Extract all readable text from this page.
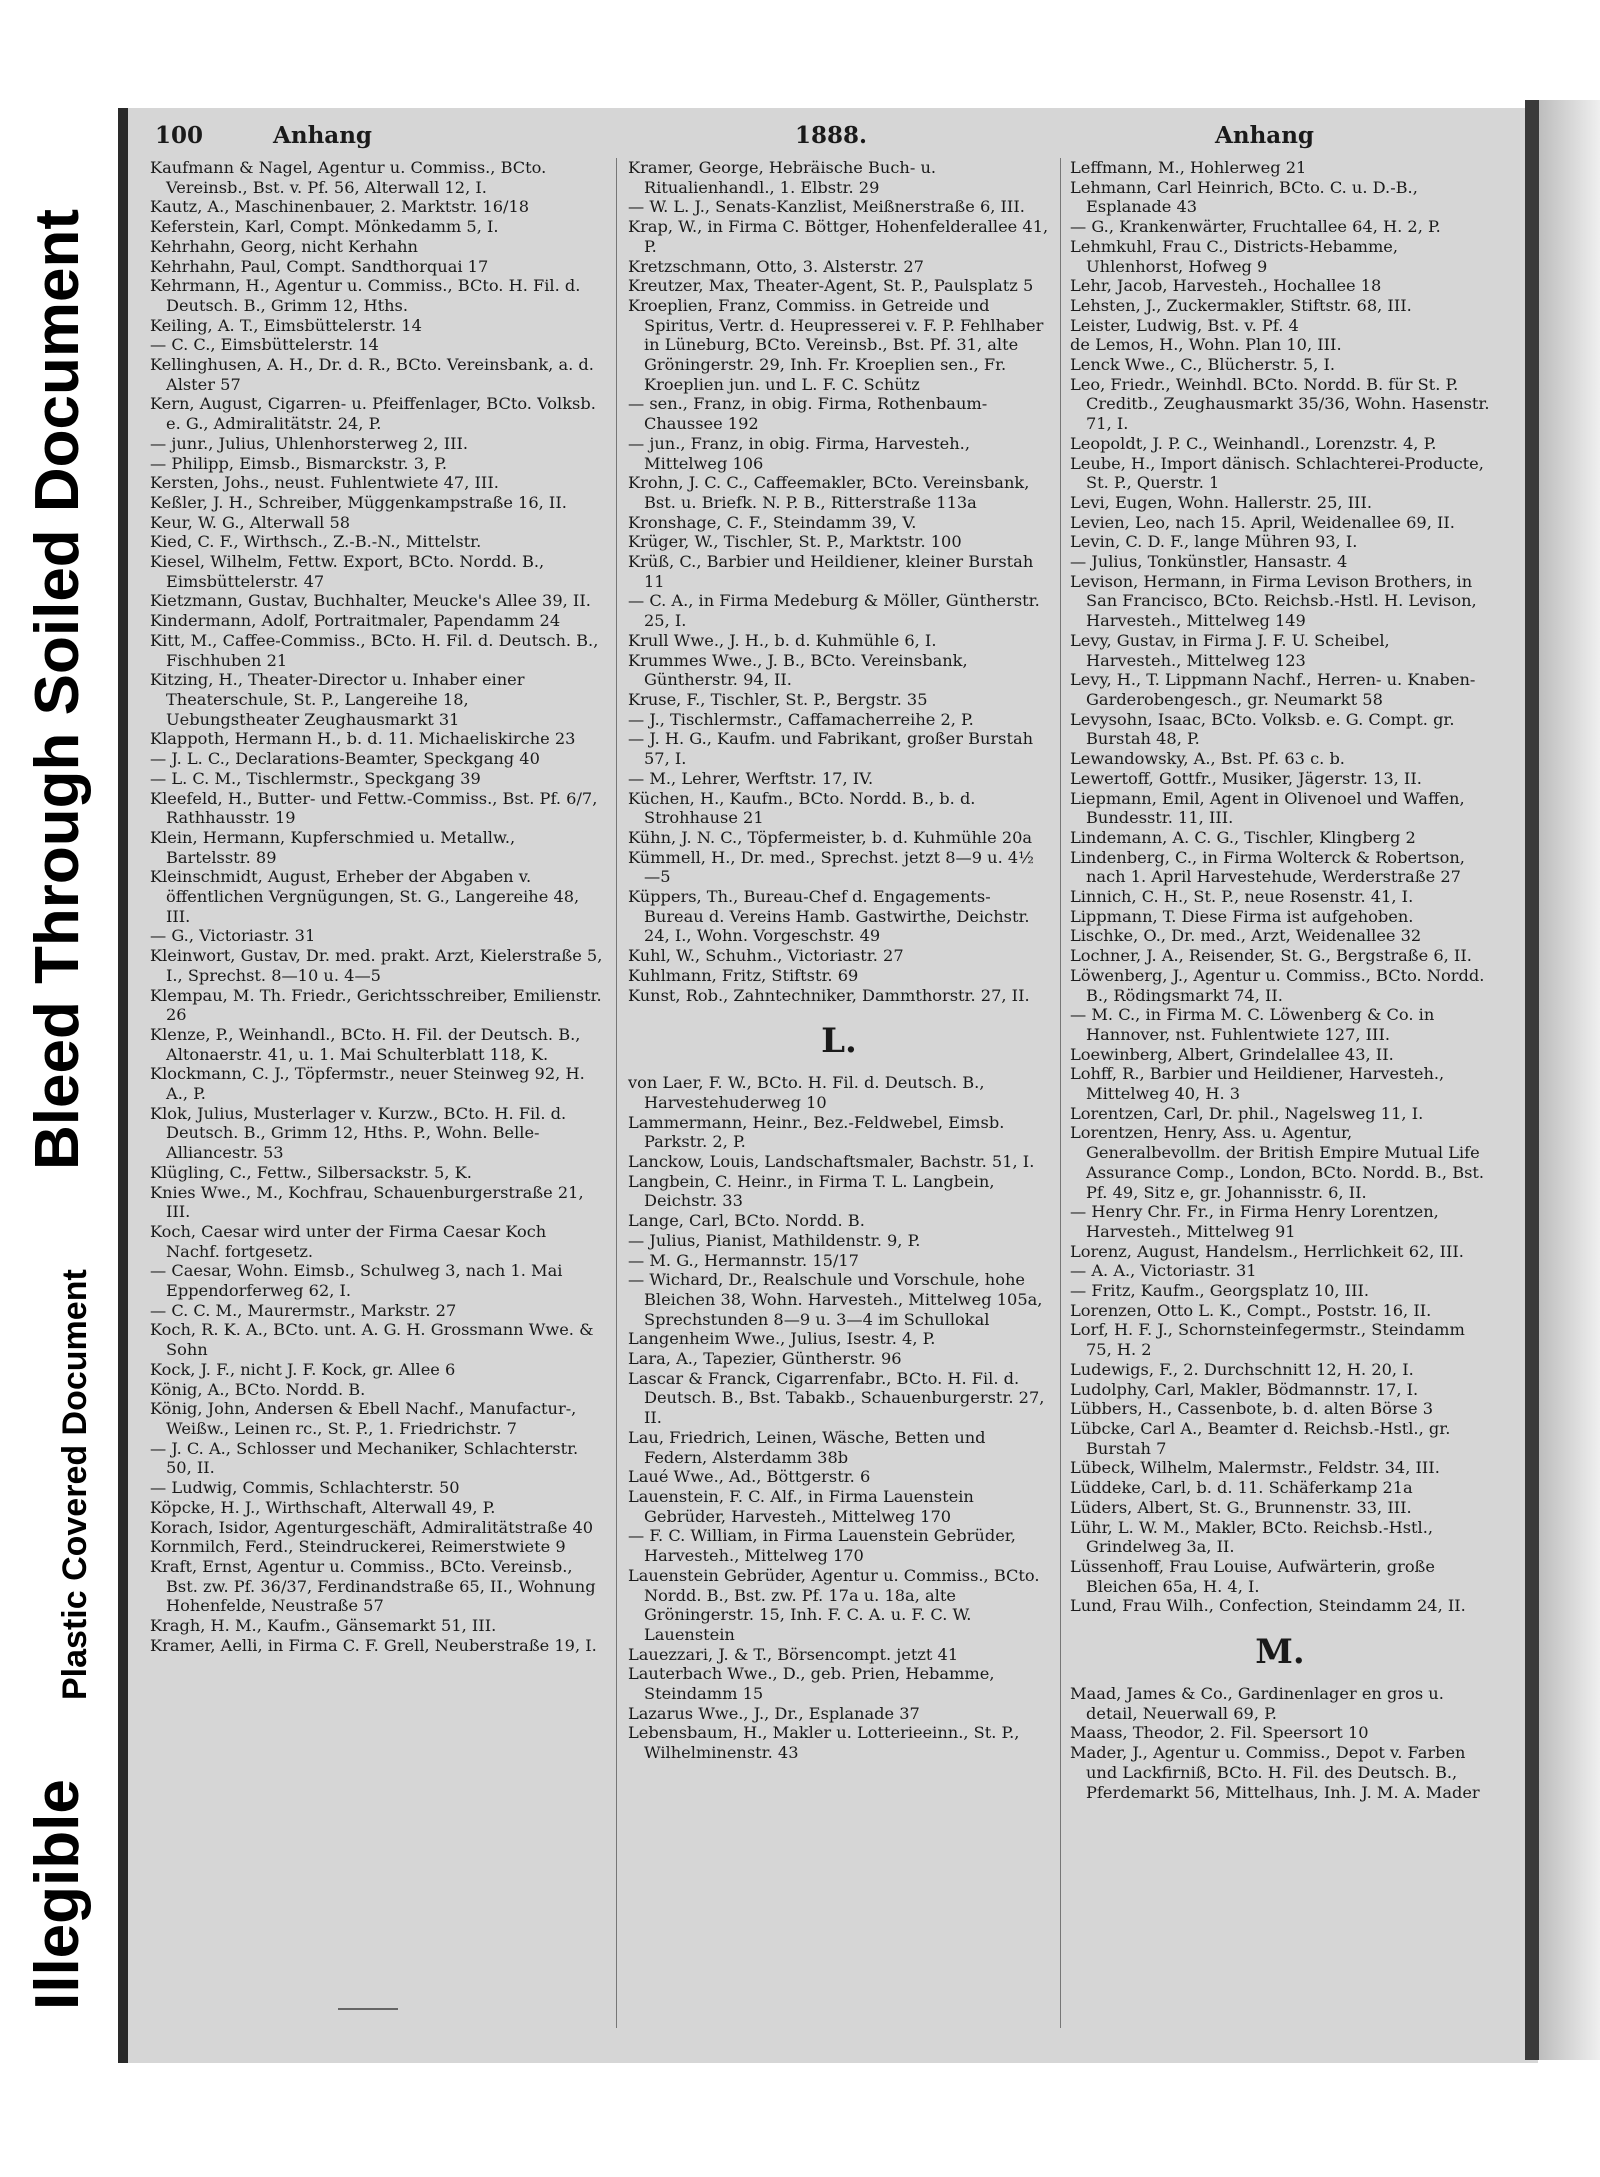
Bleed Through Soiled Document
Plastic Covered Document
Illegible
100	Anhang	1888.	Anhang

Kaufmann & Nagel, Agentur u. Commiss., BCto. Vereinsb., Bst. v. Pf. 56, Alterwall 12, I.

Kautz, A., Maschinenbauer, 2. Marktstr. 16/18

Keferstein, Karl, Compt. Mönkedamm 5, I.

Kehrhahn, Georg, nicht Kerhahn

Kehrhahn, Paul, Compt. Sandthorquai 17

Kehrmann, H., Agentur u. Commiss., BCto. H. Fil. d. Deutsch. B., Grimm 12, Hths.

Keiling, A. T., Eimsbüttelerstr. 14

— C. C., Eimsbüttelerstr. 14

Kellinghusen, A. H., Dr. d. R., BCto. Vereinsbank, a. d. Alster 57

Kern, August, Cigarren- u. Pfeiffenlager, BCto. Volksb. e. G., Admiralitätstr. 24, P.

— junr., Julius, Uhlenhorsterweg 2, III.

— Philipp, Eimsb., Bismarckstr. 3, P.

Kersten, Johs., neust. Fuhlentwiete 47, III.

Keßler, J. H., Schreiber, Müggenkampstraße 16, II.

Keur, W. G., Alterwall 58

Kied, C. F., Wirthsch., Z.-B.-N., Mittelstr.

Kiesel, Wilhelm, Fettw. Export, BCto. Nordd. B., Eimsbüttelerstr. 47

Kietzmann, Gustav, Buchhalter, Meucke's Allee 39, II.

Kindermann, Adolf, Portraitmaler, Papendamm 24

Kitt, M., Caffee-Commiss., BCto. H. Fil. d. Deutsch. B., Fischhuben 21

Kitzing, H., Theater-Director u. Inhaber einer Theaterschule, St. P., Langereihe 18, Uebungstheater Zeughausmarkt 31

Klappoth, Hermann H., b. d. 11. Michaeliskirche 23

— J. L. C., Declarations-Beamter, Speckgang 40

— L. C. M., Tischlermstr., Speckgang 39

Kleefeld, H., Butter- und Fettw.-Commiss., Bst. Pf. 6/7, Rathhausstr. 19

Klein, Hermann, Kupferschmied u. Metallw., Bartelsstr. 89

Kleinschmidt, August, Erheber der Abgaben v. öffentlichen Vergnügungen, St. G., Langereihe 48, III.

— G., Victoriastr. 31

Kleinwort, Gustav, Dr. med. prakt. Arzt, Kielerstraße 5, I., Sprechst. 8—10 u. 4—5

Klempau, M. Th. Friedr., Gerichtsschreiber, Emilienstr. 26

Klenze, P., Weinhandl., BCto. H. Fil. der Deutsch. B., Altonaerstr. 41, u. 1. Mai Schulterblatt 118, K.

Klockmann, C. J., Töpfermstr., neuer Steinweg 92, H. A., P.

Klok, Julius, Musterlager v. Kurzw., BCto. H. Fil. d. Deutsch. B., Grimm 12, Hths. P., Wohn. Belle-Alliancestr. 53

Klügling, C., Fettw., Silbersackstr. 5, K.

Knies Wwe., M., Kochfrau, Schauenburgerstraße 21, III.

Koch, Caesar wird unter der Firma Caesar Koch Nachf. fortgesetz.

— Caesar, Wohn. Eimsb., Schulweg 3, nach 1. Mai Eppendorferweg 62, I.

— C. C. M., Maurermstr., Markstr. 27

Koch, R. K. A., BCto. unt. A. G. H. Grossmann Wwe. & Sohn

Kock, J. F., nicht J. F. Kock, gr. Allee 6

König, A., BCto. Nordd. B.

König, John, Andersen & Ebell Nachf., Manufactur-, Weißw., Leinen rc., St. P., 1. Friedrichstr. 7

— J. C. A., Schlosser und Mechaniker, Schlachterstr. 50, II.

— Ludwig, Commis, Schlachterstr. 50

Köpcke, H. J., Wirthschaft, Alterwall 49, P.

Korach, Isidor, Agenturgeschäft, Admiralitätstraße 40

Kornmilch, Ferd., Steindruckerei, Reimerstwiete 9

Kraft, Ernst, Agentur u. Commiss., BCto. Vereinsb., Bst. zw. Pf. 36/37, Ferdinandstraße 65, II., Wohnung Hohenfelde, Neustraße 57

Kragh, H. M., Kaufm., Gänsemarkt 51, III.

Kramer, Aelli, in Firma C. F. Grell, Neuberstraße 19, I.

Kramer, George, Hebräische Buch- u. Ritualienhandl., 1. Elbstr. 29

— W. L. J., Senats-Kanzlist, Meißnerstraße 6, III.

Krap, W., in Firma C. Böttger, Hohenfelderallee 41, P.

Kretzschmann, Otto, 3. Alsterstr. 27

Kreutzer, Max, Theater-Agent, St. P., Paulsplatz 5

Kroeplien, Franz, Commiss. in Getreide und Spiritus, Vertr. d. Heupresserei v. F. P. Fehlhaber in Lüneburg, BCto. Vereinsb., Bst. Pf. 31, alte Gröningerstr. 29, Inh. Fr. Kroeplien sen., Fr. Kroeplien jun. und L. F. C. Schütz

— sen., Franz, in obig. Firma, Rothenbaum-Chaussee 192

— jun., Franz, in obig. Firma, Harvesteh., Mittelweg 106

Krohn, J. C. C., Caffeemakler, BCto. Vereinsbank, Bst. u. Briefk. N. P. B., Ritterstraße 113a

Kronshage, C. F., Steindamm 39, V.

Krüger, W., Tischler, St. P., Marktstr. 100

Krüß, C., Barbier und Heildiener, kleiner Burstah 11

— C. A., in Firma Medeburg & Möller, Güntherstr. 25, I.

Krull Wwe., J. H., b. d. Kuhmühle 6, I.

Krummes Wwe., J. B., BCto. Vereinsbank, Güntherstr. 94, II.

Kruse, F., Tischler, St. P., Bergstr. 35

— J., Tischlermstr., Caffamacherreihe 2, P.

— J. H. G., Kaufm. und Fabrikant, großer Burstah 57, I.

— M., Lehrer, Werftstr. 17, IV.

Küchen, H., Kaufm., BCto. Nordd. B., b. d. Strohhause 21

Kühn, J. N. C., Töpfermeister, b. d. Kuhmühle 20a

Kümmell, H., Dr. med., Sprechst. jetzt 8—9 u. 4½—5

Küppers, Th., Bureau-Chef d. Engagements-Bureau d. Vereins Hamb. Gastwirthe, Deichstr. 24, I., Wohn. Vorgeschstr. 49

Kuhl, W., Schuhm., Victoriastr. 27

Kuhlmann, Fritz, Stiftstr. 69

Kunst, Rob., Zahntechniker, Dammthorstr. 27, II.

L.

von Laer, F. W., BCto. H. Fil. d. Deutsch. B., Harvestehuderweg 10

Lammermann, Heinr., Bez.-Feldwebel, Eimsb. Parkstr. 2, P.

Lanckow, Louis, Landschaftsmaler, Bachstr. 51, I.

Langbein, C. Heinr., in Firma T. L. Langbein, Deichstr. 33

Lange, Carl, BCto. Nordd. B.

— Julius, Pianist, Mathildenstr. 9, P.

— M. G., Hermannstr. 15/17

— Wichard, Dr., Realschule und Vorschule, hohe Bleichen 38, Wohn. Harvesteh., Mittelweg 105a, Sprechstunden 8—9 u. 3—4 im Schullokal

Langenheim Wwe., Julius, Isestr. 4, P.

Lara, A., Tapezier, Güntherstr. 96

Lascar & Franck, Cigarrenfabr., BCto. H. Fil. d. Deutsch. B., Bst. Tabakb., Schauenburgerstr. 27, II.

Lau, Friedrich, Leinen, Wäsche, Betten und Federn, Alsterdamm 38b

Laué Wwe., Ad., Böttgerstr. 6

Lauenstein, F. C. Alf., in Firma Lauenstein Gebrüder, Harvesteh., Mittelweg 170

— F. C. William, in Firma Lauenstein Gebrüder, Harvesteh., Mittelweg 170

Lauenstein Gebrüder, Agentur u. Commiss., BCto. Nordd. B., Bst. zw. Pf. 17a u. 18a, alte Gröningerstr. 15, Inh. F. C. A. u. F. C. W. Lauenstein

Lauezzari, J. & T., Börsencompt. jetzt 41

Lauterbach Wwe., D., geb. Prien, Hebamme, Steindamm 15

Lazarus Wwe., J., Dr., Esplanade 37

Lebensbaum, H., Makler u. Lotterieeinn., St. P., Wilhelminenstr. 43

Leffmann, M., Hohlerweg 21

Lehmann, Carl Heinrich, BCto. C. u. D.-B., Esplanade 43

— G., Krankenwärter, Fruchtallee 64, H. 2, P.

Lehmkuhl, Frau C., Districts-Hebamme, Uhlenhorst, Hofweg 9

Lehr, Jacob, Harvesteh., Hochallee 18

Lehsten, J., Zuckermakler, Stiftstr. 68, III.

Leister, Ludwig, Bst. v. Pf. 4

de Lemos, H., Wohn. Plan 10, III.

Lenck Wwe., C., Blücherstr. 5, I.

Leo, Friedr., Weinhdl. BCto. Nordd. B. für St. P. Creditb., Zeughausmarkt 35/36, Wohn. Hasenstr. 71, I.

Leopoldt, J. P. C., Weinhandl., Lorenzstr. 4, P.

Leube, H., Import dänisch. Schlachterei-Producte, St. P., Querstr. 1

Levi, Eugen, Wohn. Hallerstr. 25, III.

Levien, Leo, nach 15. April, Weidenallee 69, II.

Levin, C. D. F., lange Mühren 93, I.

— Julius, Tonkünstler, Hansastr. 4

Levison, Hermann, in Firma Levison Brothers, in San Francisco, BCto. Reichsb.-Hstl. H. Levison, Harvesteh., Mittelweg 149

Levy, Gustav, in Firma J. F. U. Scheibel, Harvesteh., Mittelweg 123

Levy, H., T. Lippmann Nachf., Herren- u. Knaben-Garderobengesch., gr. Neumarkt 58

Levysohn, Isaac, BCto. Volksb. e. G. Compt. gr. Burstah 48, P.

Lewandowsky, A., Bst. Pf. 63 c. b.

Lewertoff, Gottfr., Musiker, Jägerstr. 13, II.

Liepmann, Emil, Agent in Olivenoel und Waffen, Bundesstr. 11, III.

Lindemann, A. C. G., Tischler, Klingberg 2

Lindenberg, C., in Firma Wolterck & Robertson, nach 1. April Harvestehude, Werderstraße 27

Linnich, C. H., St. P., neue Rosenstr. 41, I.

Lippmann, T. Diese Firma ist aufgehoben.

Lischke, O., Dr. med., Arzt, Weidenallee 32

Lochner, J. A., Reisender, St. G., Bergstraße 6, II.

Löwenberg, J., Agentur u. Commiss., BCto. Nordd. B., Rödingsmarkt 74, II.

— M. C., in Firma M. C. Löwenberg & Co. in Hannover, nst. Fuhlentwiete 127, III.

Loewinberg, Albert, Grindelallee 43, II.

Lohff, R., Barbier und Heildiener, Harvesteh., Mittelweg 40, H. 3

Lorentzen, Carl, Dr. phil., Nagelsweg 11, I.

Lorentzen, Henry, Ass. u. Agentur, Generalbevollm. der British Empire Mutual Life Assurance Comp., London, BCto. Nordd. B., Bst. Pf. 49, Sitz e, gr. Johannisstr. 6, II.

— Henry Chr. Fr., in Firma Henry Lorentzen, Harvesteh., Mittelweg 91

Lorenz, August, Handelsm., Herrlichkeit 62, III.

— A. A., Victoriastr. 31

— Fritz, Kaufm., Georgsplatz 10, III.

Lorenzen, Otto L. K., Compt., Poststr. 16, II.

Lorf, H. F. J., Schornsteinfegermstr., Steindamm 75, H. 2

Ludewigs, F., 2. Durchschnitt 12, H. 20, I.

Ludolphy, Carl, Makler, Bödmannstr. 17, I.

Lübbers, H., Cassenbote, b. d. alten Börse 3

Lübcke, Carl A., Beamter d. Reichsb.-Hstl., gr. Burstah 7

Lübeck, Wilhelm, Malermstr., Feldstr. 34, III.

Lüddeke, Carl, b. d. 11. Schäferkamp 21a

Lüders, Albert, St. G., Brunnenstr. 33, III.

Lühr, L. W. M., Makler, BCto. Reichsb.-Hstl., Grindelweg 3a, II.

Lüssenhoff, Frau Louise, Aufwärterin, große Bleichen 65a, H. 4, I.

Lund, Frau Wilh., Confection, Steindamm 24, II.

M.

Maad, James & Co., Gardinenlager en gros u. detail, Neuerwall 69, P.

Maass, Theodor, 2. Fil. Speersort 10

Mader, J., Agentur u. Commiss., Depot v. Farben und Lackfirniß, BCto. H. Fil. des Deutsch. B., Pferdemarkt 56, Mittelhaus, Inh. J. M. A. Mader
